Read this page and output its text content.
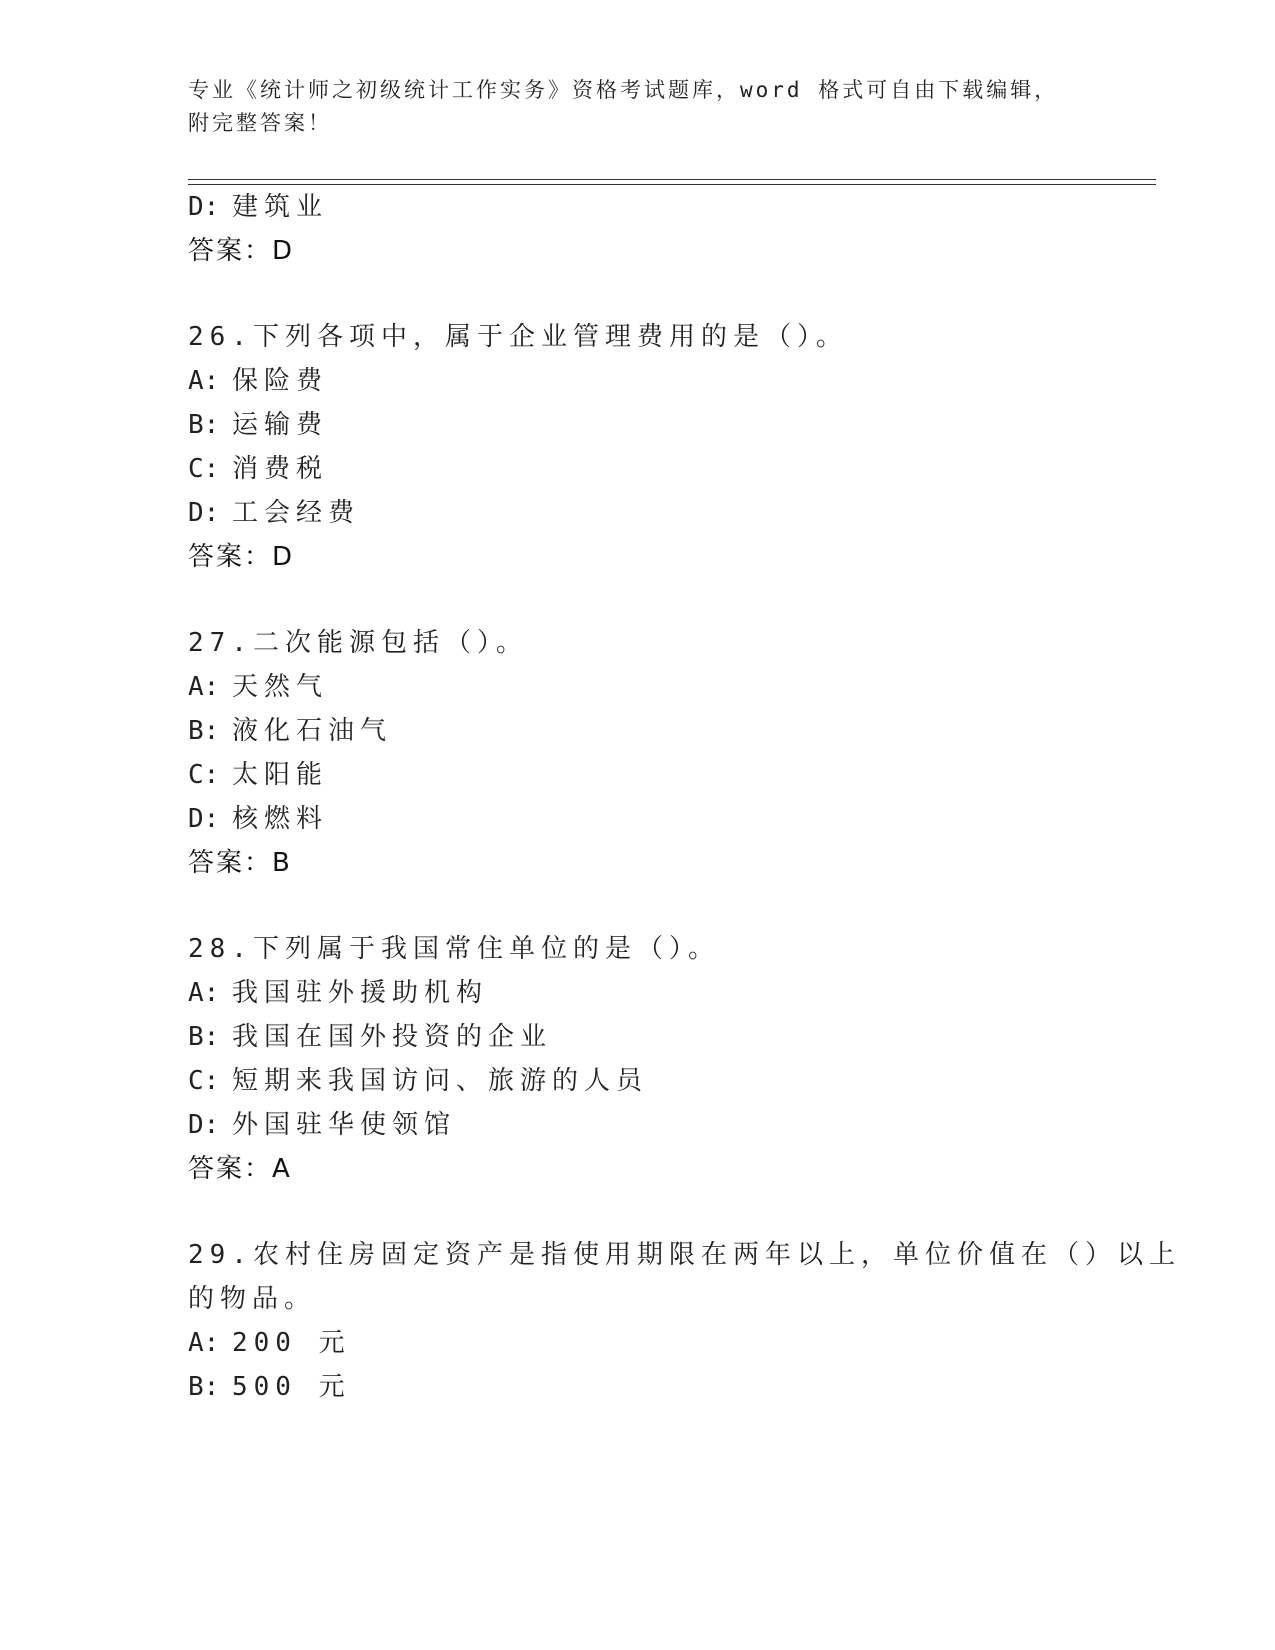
专业《统计师之初级统计工作实务》资格考试题库，word 格式可自由下载编辑，
附完整答案！
D: 建筑业
答案：D
26.下列各项中，属于企业管理费用的是（）。
A: 保险费
B: 运输费
C: 消费税
D: 工会经费
答案：D
27.二次能源包括（）。
A: 天然气
B: 液化石油气
C: 太阳能
D: 核燃料
答案：B
28.下列属于我国常住单位的是（）。
A: 我国驻外援助机构
B: 我国在国外投资的企业
C: 短期来我国访问、旅游的人员
D: 外国驻华使领馆
答案：A
29.农村住房固定资产是指使用期限在两年以上，单位价值在（）以上
的物品。
A: 200 元
B: 500 元
